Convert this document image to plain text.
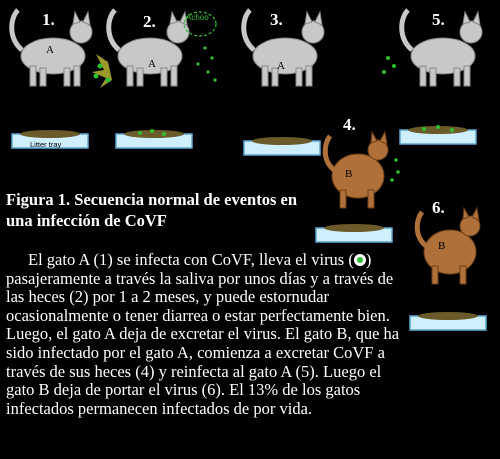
1.	2.	3.
4.
5.
6.
A
A	A
B
B
Achoo
Litter tray
Figura 1. Secuencia normal de eventos en una infección de CoVF
El gato A (1) se infecta con CoVF, lleva el virus ( ) pasajeramente a través la saliva por unos días y a través de las heces (2) por 1 a 2 meses, y puede estornudar ocasionalmente o tener diarrea o estar perfectamente bien. Luego, el gato A deja de excretar el virus. El gato B, que ha sido infectado por el gato A, comienza a excretar CoVF a través de sus heces (4) y reinfecta al gato A (5). Luego el gato B deja de portar el virus (6). El 13% de los gatos infectados permanecen infectados de por vida.
